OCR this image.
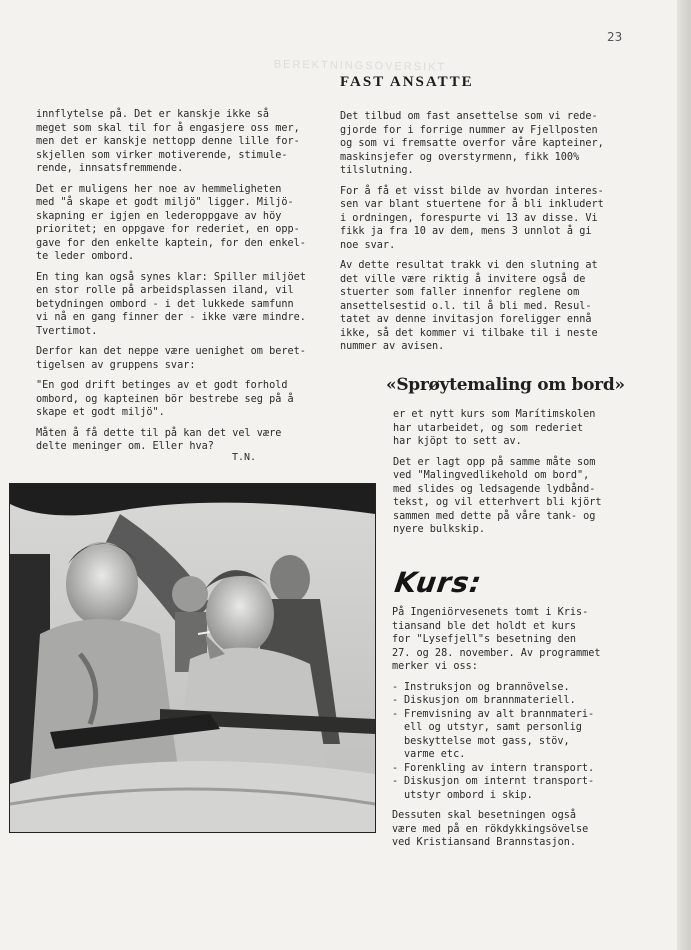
23
BEREKTNINGSOVERSIKT
FAST ANSATTE

innflytelse på. Det er kanskje ikke så
meget som skal til for å engasjere oss mer,
men det er kanskje nettopp denne lille for-
skjellen som virker motiverende, stimule-
rende, innsatsfremmende.

Det er muligens her noe av hemmeligheten
med "å skape et godt miljö" ligger. Miljö-
skapning er igjen en lederoppgave av höy
prioritet; en oppgave for rederiet, en opp-
gave for den enkelte kaptein, for den enkel-
te leder ombord.

En ting kan også synes klar: Spiller miljöet
en stor rolle på arbeidsplassen iland, vil
betydningen ombord - i det lukkede samfunn
vi nå en gang finner der - ikke være mindre.
Tvertimot.

Derfor kan det neppe være uenighet om beret-
tigelsen av gruppens svar:

"En god drift betinges av et godt forhold
ombord, og kapteinen bör bestrebe seg på å
skape et godt miljö".

Måten å få dette til på kan det vel være
delte meninger om. Eller hva?

T.N.

Det tilbud om fast ansettelse som vi rede-
gjorde for i forrige nummer av Fjellposten
og som vi fremsatte overfor våre kapteiner,
maskinsjefer og overstyrmenn, fikk 100%
tilslutning.

For å få et visst bilde av hvordan interes-
sen var blant stuertene for å bli inkludert
i ordningen, forespurte vi 13 av disse. Vi
fikk ja fra 10 av dem, mens 3 unnlot å gi
noe svar.

Av dette resultat trakk vi den slutning at
det ville være riktig å invitere også de
stuerter som faller innenfor reglene om
ansettelsestid o.l. til å bli med. Resul-
tatet av denne invitasjon foreligger ennå
ikke, så det kommer vi tilbake til i neste
nummer av avisen.

«Sprøytemaling om bord»

er et nytt kurs som Marítimskolen
har utarbeidet, og som rederiet
har kjöpt to sett av.

Det er lagt opp på samme måte som
ved "Malingvedlikehold om bord",
med slides og ledsagende lydbånd-
tekst, og vil etterhvert bli kjört
sammen med dette på våre tank- og
nyere bulkskip.

Kurs:

På Ingeniörvesenets tomt i Kris-
tiansand ble det holdt et kurs
for "Lysefjell"s besetning den
27. og 28. november. Av programmet
merker vi oss:

- Instruksjon og brannövelse.
- Diskusjon om brannmateriell.
- Fremvisning av alt brannmateri-
ell og utstyr, samt personlig
beskyttelse mot gass, stöv,
varme etc.
- Forenkling av intern transport.
- Diskusjon om internt transport-
utstyr ombord i skip.

Dessuten skal besetningen også
være med på en rökdykkingsövelse
ved Kristiansand Brannstasjon.
